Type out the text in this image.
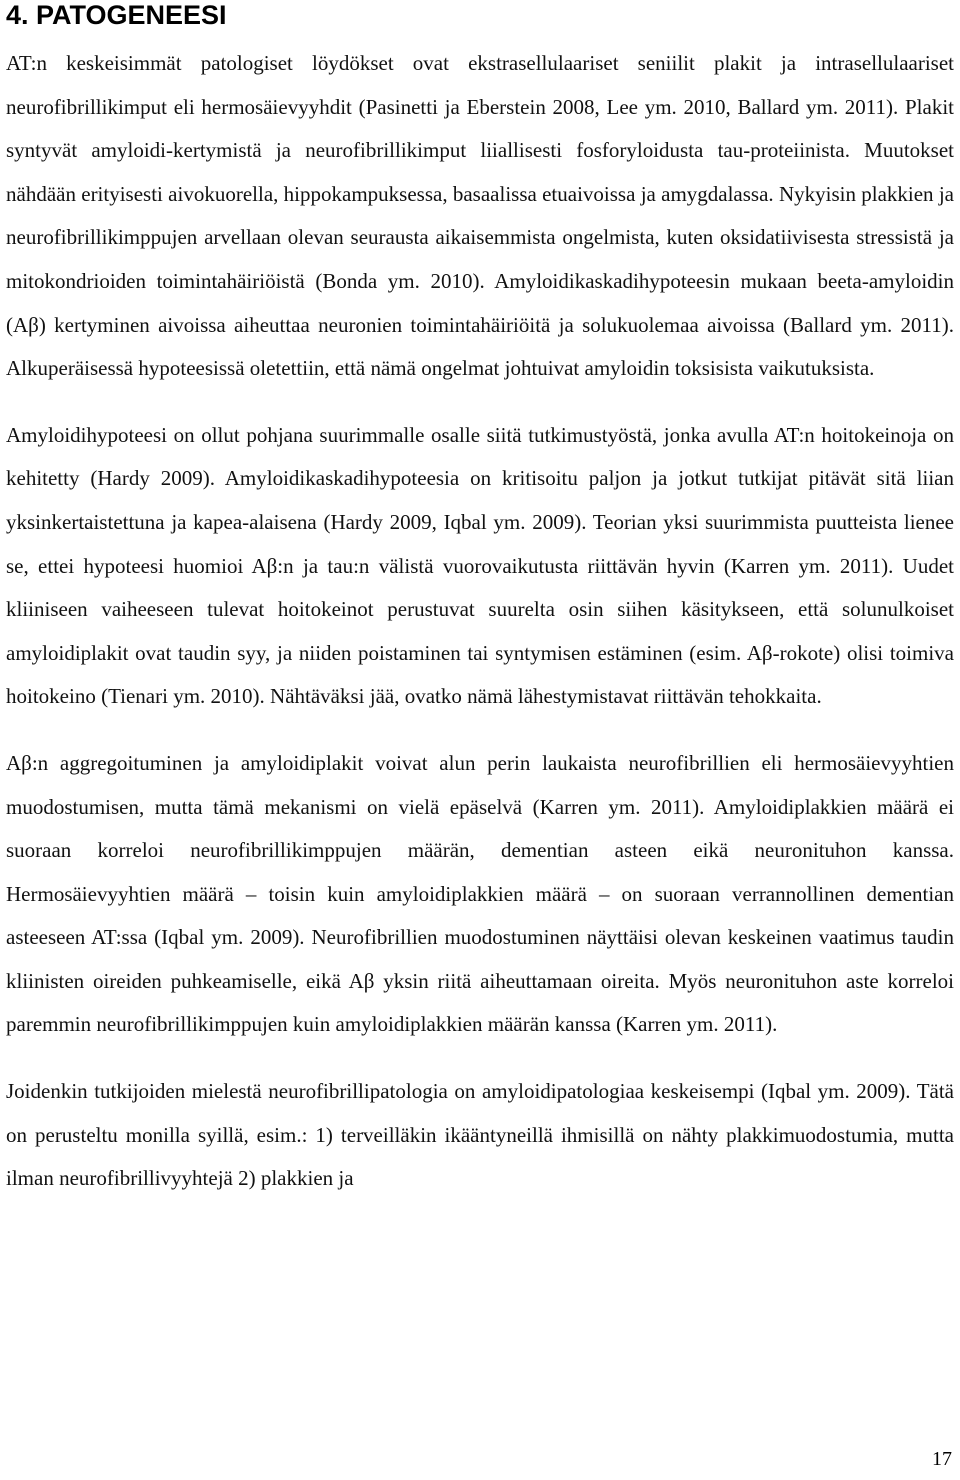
4. PATOGENEESI

AT:n keskeisimmät patologiset löydökset ovat ekstrasellulaariset seniilit plakit ja intrasellulaariset neurofibrillikimput eli hermosäievyyhdit (Pasinetti ja Eberstein 2008, Lee ym. 2010, Ballard ym. 2011). Plakit syntyvät amyloidi-kertymistä ja neurofibrillikimput liiallisesti fosforyloidusta tau-proteiinista. Muutokset nähdään erityisesti aivokuorella, hippokampuksessa, basaalissa etuaivoissa ja amygdalassa. Nykyisin plakkien ja neurofibrillikimppujen arvellaan olevan seurausta aikaisemmista ongelmista, kuten oksidatiivisesta stressistä ja mitokondrioiden toimintahäiriöistä (Bonda ym. 2010). Amyloidikaskadihypoteesin mukaan beeta-amyloidin (Aβ) kertyminen aivoissa aiheuttaa neuronien toimintahäiriöitä ja solukuolemaa aivoissa (Ballard ym. 2011). Alkuperäisessä hypoteesissä oletettiin, että nämä ongelmat johtuivat amyloidin toksisista vaikutuksista.

Amyloidihypoteesi on ollut pohjana suurimmalle osalle siitä tutkimustyöstä, jonka avulla AT:n hoitokeinoja on kehitetty (Hardy 2009). Amyloidikaskadihypoteesia on kritisoitu paljon ja jotkut tutkijat pitävät sitä liian yksinkertaistettuna ja kapea-alaisena (Hardy 2009, Iqbal ym. 2009). Teorian yksi suurimmista puutteista lienee se, ettei hypoteesi huomioi Aβ:n ja tau:n välistä vuorovaikutusta riittävän hyvin (Karren ym. 2011). Uudet kliiniseen vaiheeseen tulevat hoitokeinot perustuvat suurelta osin siihen käsitykseen, että solunulkoiset amyloidiplakit ovat taudin syy, ja niiden poistaminen tai syntymisen estäminen (esim. Aβ-rokote) olisi toimiva hoitokeino (Tienari ym. 2010). Nähtäväksi jää, ovatko nämä lähestymistavat riittävän tehokkaita.

Aβ:n aggregoituminen ja amyloidiplakit voivat alun perin laukaista neurofibrillien eli hermosäievyyhtien muodostumisen, mutta tämä mekanismi on vielä epäselvä (Karren ym. 2011). Amyloidiplakkien määrä ei suoraan korreloi neurofibrillikimppujen määrän, dementian asteen eikä neuronituhon kanssa. Hermosäievyyhtien määrä – toisin kuin amyloidiplakkien määrä – on suoraan verrannollinen dementian asteeseen AT:ssa (Iqbal ym. 2009). Neurofibrillien muodostuminen näyttäisi olevan keskeinen vaatimus taudin kliinisten oireiden puhkeamiselle, eikä Aβ yksin riitä aiheuttamaan oireita. Myös neuronituhon aste korreloi paremmin neurofibrillikimppujen kuin amyloidiplakkien määrän kanssa (Karren ym. 2011).

Joidenkin tutkijoiden mielestä neurofibrillipatologia on amyloidipatologiaa keskeisempi (Iqbal ym. 2009). Tätä on perusteltu monilla syillä, esim.: 1) terveilläkin ikääntyneillä ihmisillä on nähty plakkimuodostumia, mutta ilman neurofibrillivyyhtejä 2) plakkien ja

17
